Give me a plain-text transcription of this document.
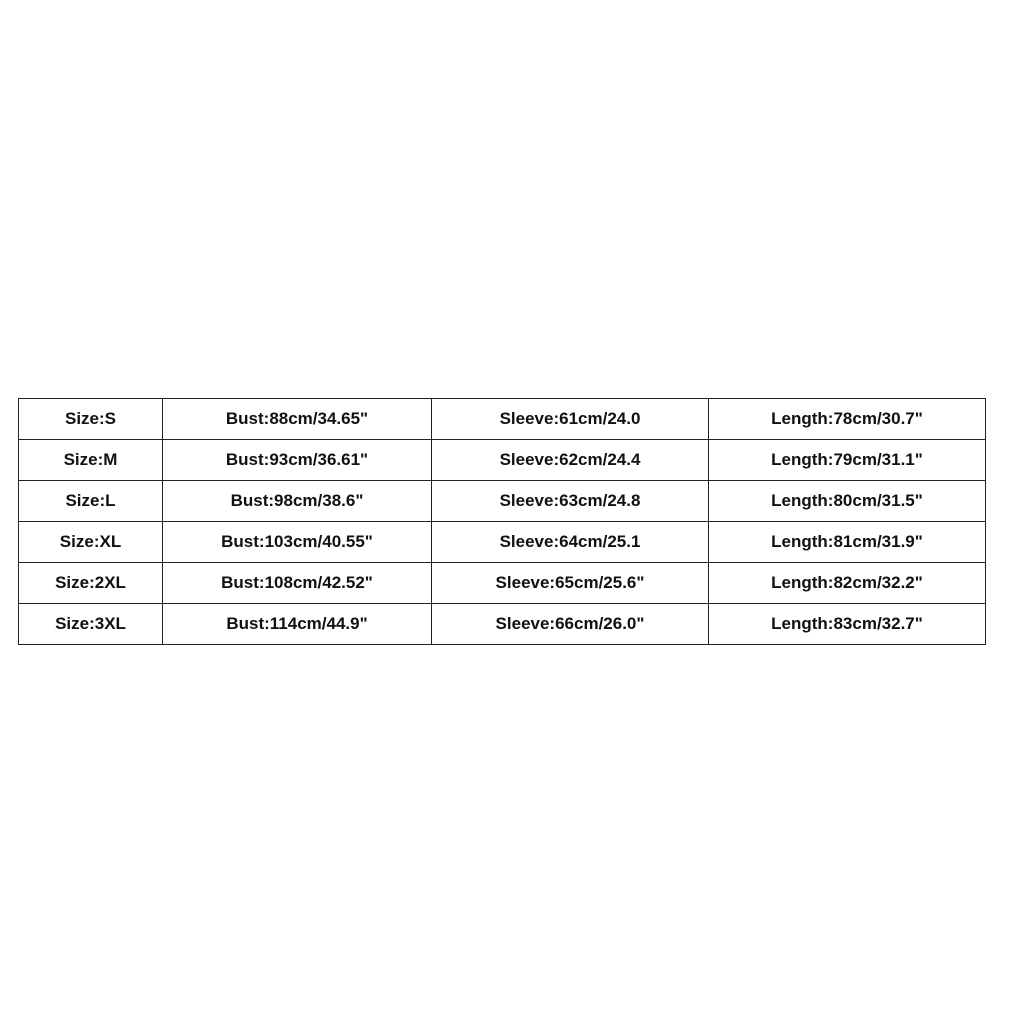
Size:S	Bust:88cm/34.65"	Sleeve:61cm/24.0	Length:78cm/30.7"
Size:M	Bust:93cm/36.61"	Sleeve:62cm/24.4	Length:79cm/31.1"
Size:L	Bust:98cm/38.6"	Sleeve:63cm/24.8	Length:80cm/31.5"
Size:XL	Bust:103cm/40.55"	Sleeve:64cm/25.1	Length:81cm/31.9"
Size:2XL	Bust:108cm/42.52"	Sleeve:65cm/25.6"	Length:82cm/32.2"
Size:3XL	Bust:114cm/44.9"	Sleeve:66cm/26.0"	Length:83cm/32.7"
